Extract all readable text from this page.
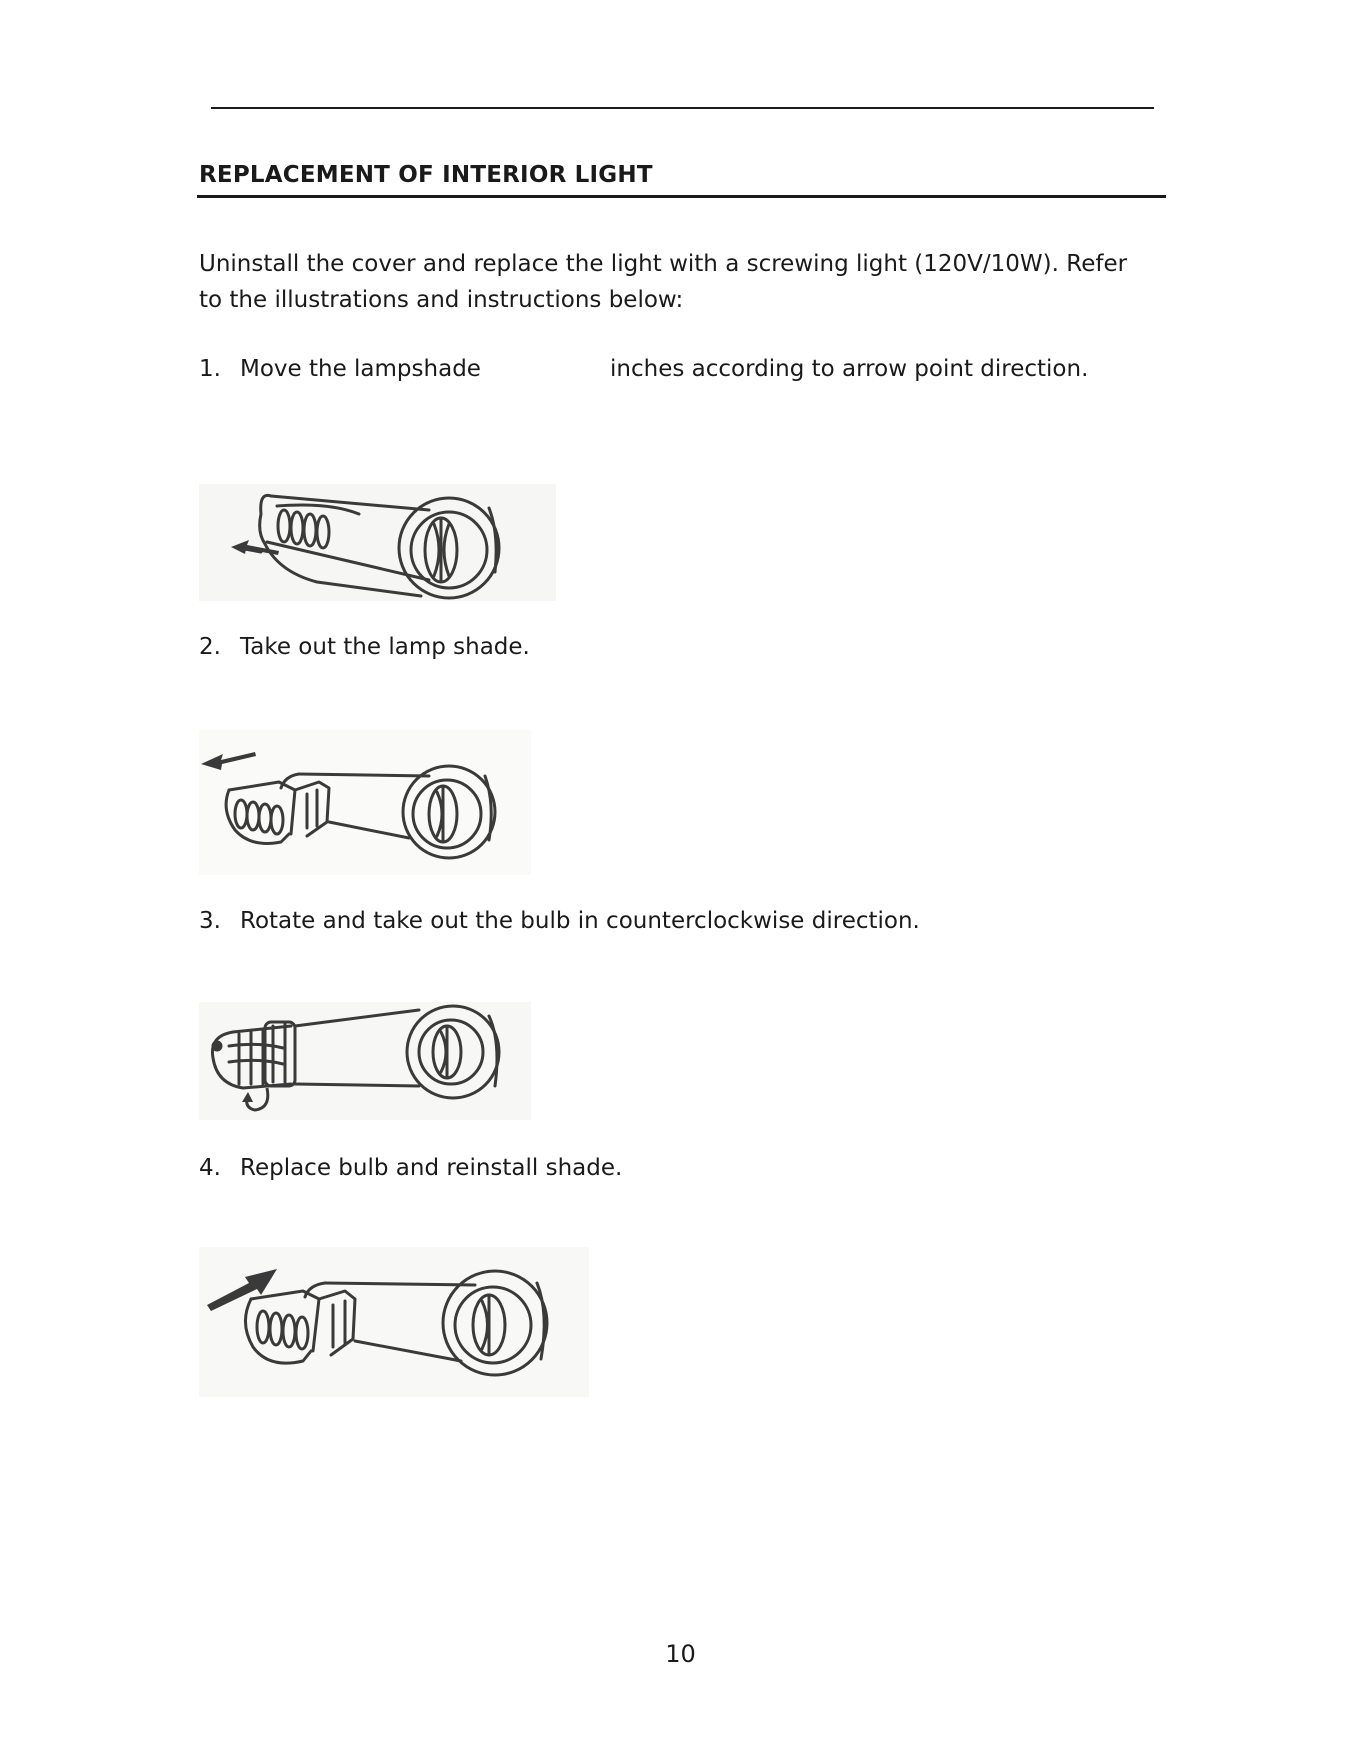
REPLACEMENT OF INTERIOR LIGHT
Uninstall the cover and replace the light with a screwing light (120V/10W). Refer
to the illustrations and instructions below:
1. Move the lampshade	inches according to arrow point direction.
2. Take out the lamp shade.
3. Rotate and take out the bulb in counterclockwise direction.
4. Replace bulb and reinstall shade.
10
